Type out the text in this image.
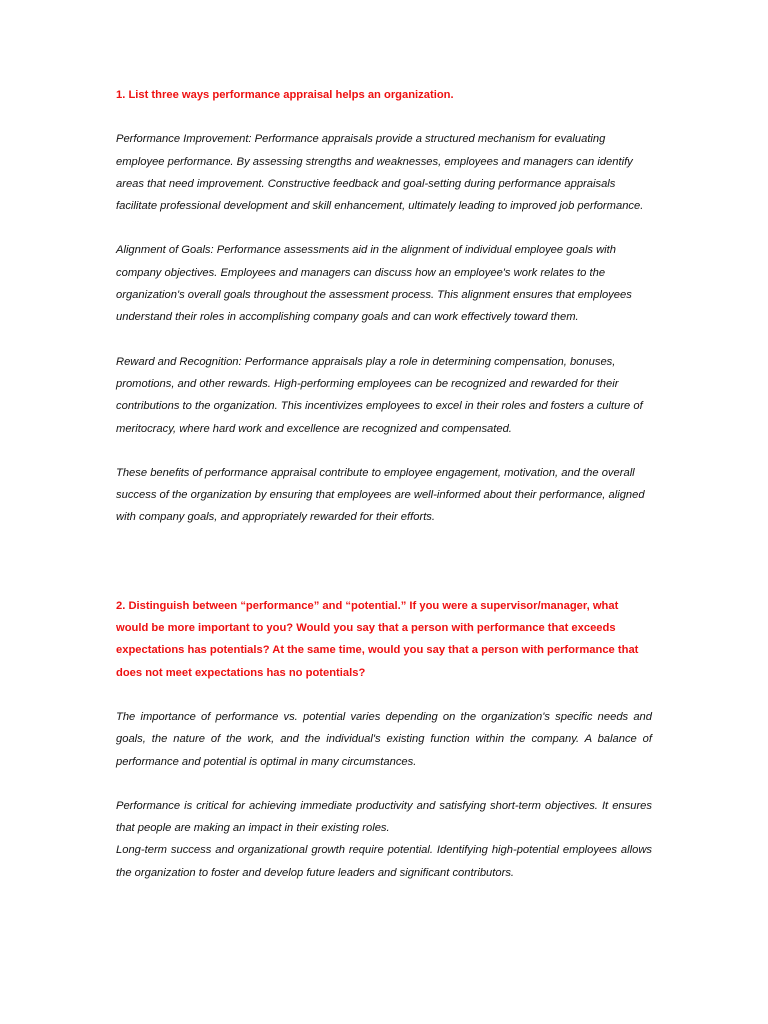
1. List three ways performance appraisal helps an organization.

Performance Improvement: Performance appraisals provide a structured mechanism for evaluating employee performance. By assessing strengths and weaknesses, employees and managers can identify areas that need improvement. Constructive feedback and goal-setting during performance appraisals facilitate professional development and skill enhancement, ultimately leading to improved job performance.

Alignment of Goals: Performance assessments aid in the alignment of individual employee goals with company objectives. Employees and managers can discuss how an employee's work relates to the organization's overall goals throughout the assessment process. This alignment ensures that employees understand their roles in accomplishing company goals and can work effectively toward them.

Reward and Recognition: Performance appraisals play a role in determining compensation, bonuses, promotions, and other rewards. High-performing employees can be recognized and rewarded for their contributions to the organization. This incentivizes employees to excel in their roles and fosters a culture of meritocracy, where hard work and excellence are recognized and compensated.

These benefits of performance appraisal contribute to employee engagement, motivation, and the overall success of the organization by ensuring that employees are well-informed about their performance, aligned with company goals, and appropriately rewarded for their efforts.

2. Distinguish between “performance” and “potential.” If you were a supervisor/manager, what would be more important to you? Would you say that a person with performance that exceeds expectations has potentials? At the same time, would you say that a person with performance that does not meet expectations has no potentials?

The importance of performance vs. potential varies depending on the organization's specific needs and goals, the nature of the work, and the individual's existing function within the company. A balance of performance and potential is optimal in many circumstances.

Performance is critical for achieving immediate productivity and satisfying short-term objectives. It ensures that people are making an impact in their existing roles.

Long-term success and organizational growth require potential. Identifying high-potential employees allows the organization to foster and develop future leaders and significant contributors.
